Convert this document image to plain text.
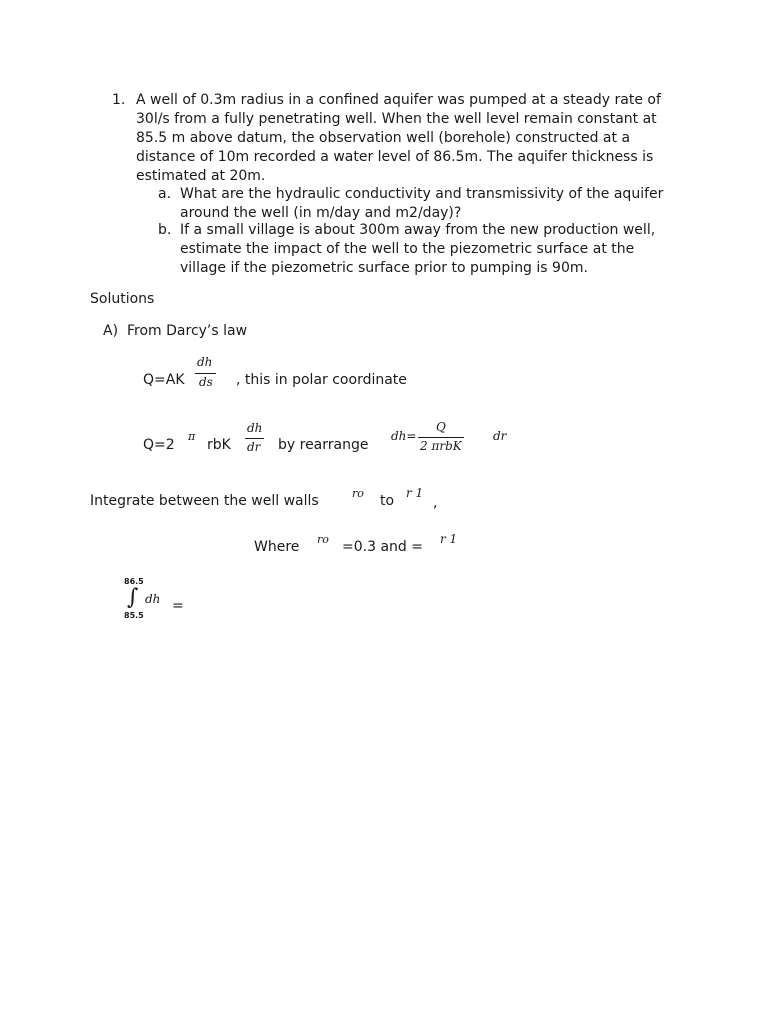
1. A well of 0.3m radius in a confined aquifer was pumped at a steady rate of
30l/s from a fully penetrating well. When the well level remain constant at
85.5 m above datum, the observation well (borehole) constructed at a
distance of 10m recorded a water level of 86.5m. The aquifer thickness is
estimated at 20m.
a. What are the hydraulic conductivity and transmissivity of the aquifer
around the well (in m/day and m2/day)?
b. If a small village is about 300m away from the new production well,
estimate the impact of the well to the piezometric surface at the
village if the piezometric surface prior to pumping is 90m.
Solutions
A) From Darcy’s law
Q=AK
dh
ds , this in polar coordinate
Q=2
π
rbK
dh
dr by rearrange
dh=
Q
2 πrbK
dr
Integrate between the well walls	ro to r 1
,
Where ro =0.3 and = r 1
86.5
∫
85.5
dh =
